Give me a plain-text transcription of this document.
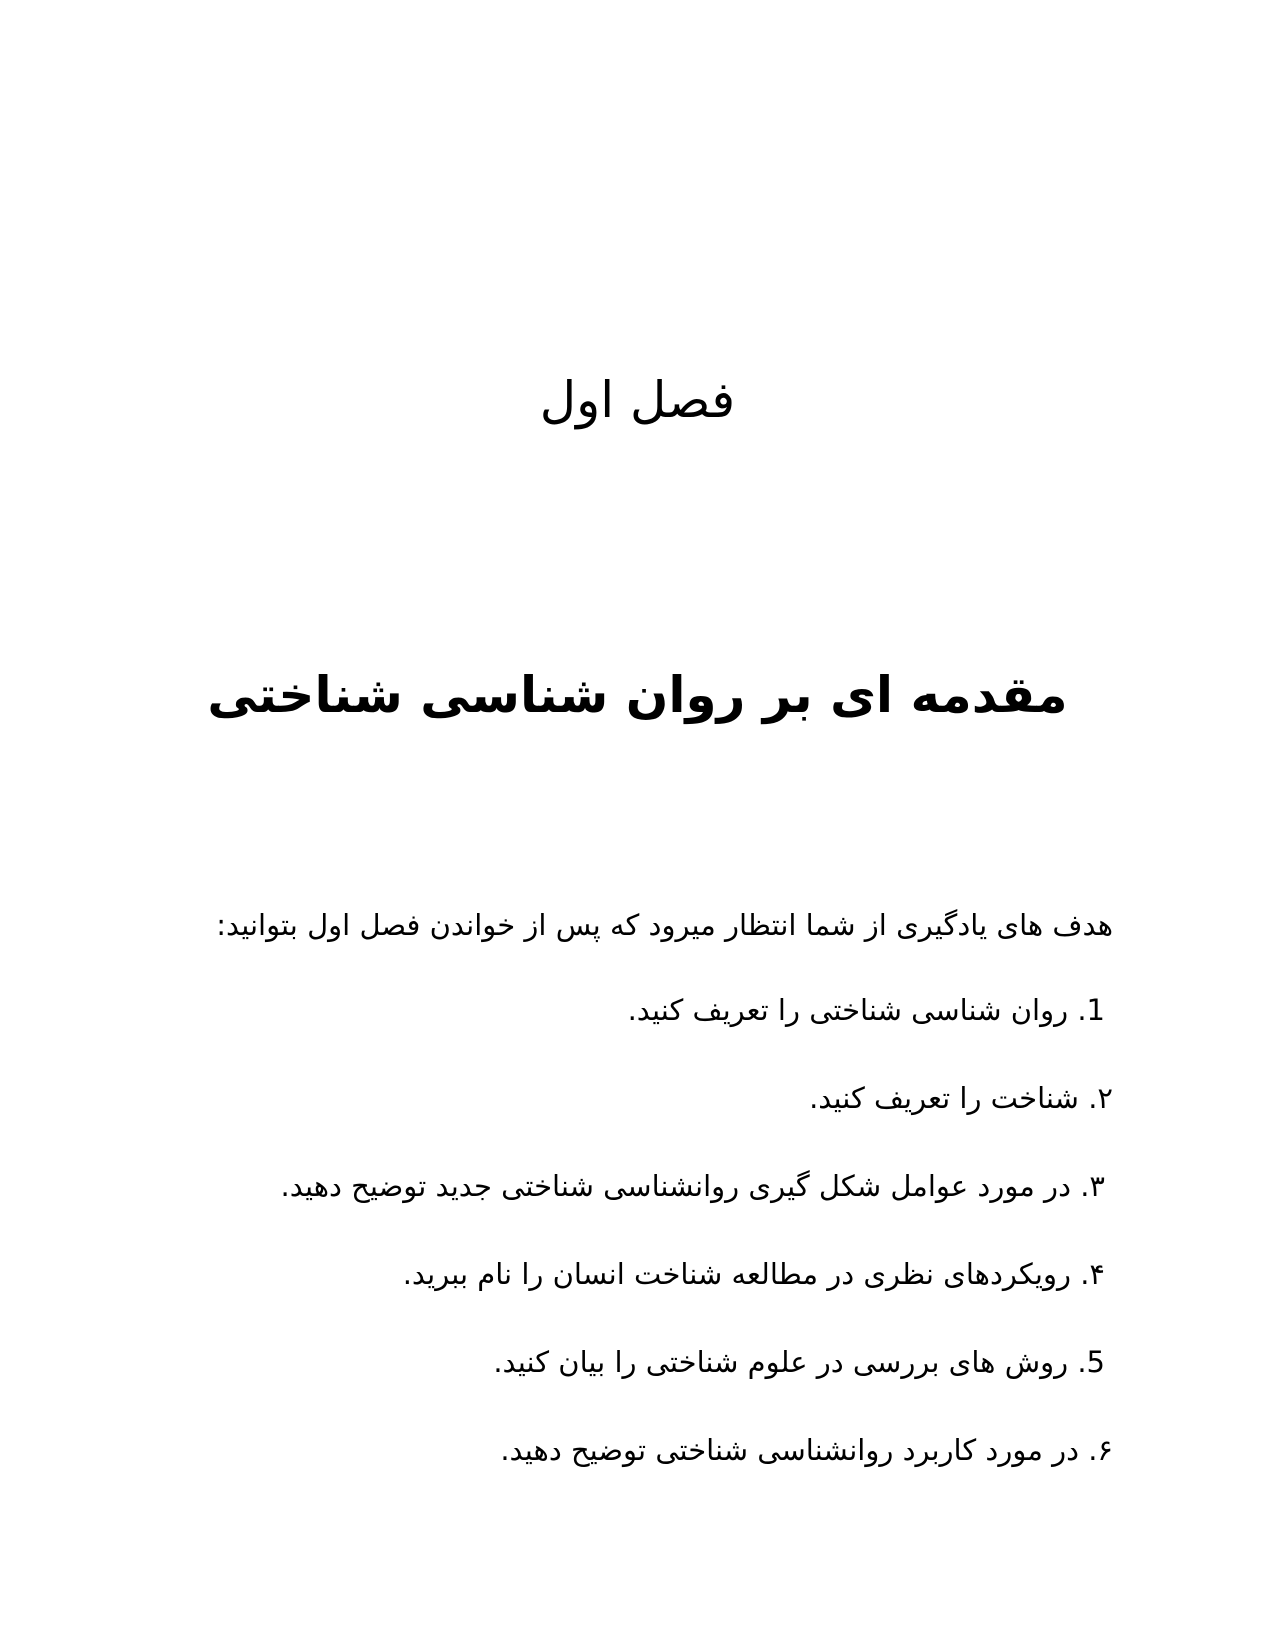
فصل اول
مقدمه ای بر روان شناسی شناختی

هدف های یادگیری از شما انتظار میرود که پس از خواندن فصل اول بتوانید:

1. روان شناسی شناختی را تعریف کنید.
۲. شناخت را تعریف کنید.
۳. در مورد عوامل شکل گیری روانشناسی شناختی جدید توضیح دهید.
۴. رویکردهای نظری در مطالعه شناخت انسان را نام ببرید.
5. روش های بررسی در علوم شناختی را بیان کنید.
۶. در مورد کاربرد روانشناسی شناختی توضیح دهید.
